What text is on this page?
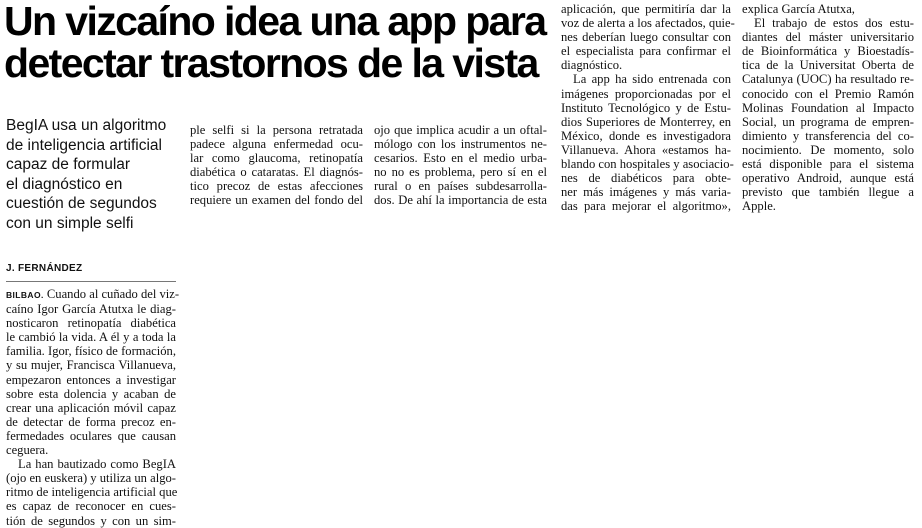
Un vizcaíno idea una app para
detectar trastornos de la vista
BegIA usa un algoritmo
de inteligencia artificial
capaz de formular
el diagnóstico en
cuestión de segundos
con un simple selfi
J. FERNÁNDEZ
BILBAO. Cuando al cuñado del viz-
caíno Igor García Atutxa le diag-
nosticaron retinopatía diabética
le cambió la vida. A él y a toda la
familia. Igor, físico de formación,
y su mujer, Francisca Villanueva,
empezaron entonces a investigar
sobre esta dolencia y acaban de
crear una aplicación móvil capaz
de detectar de forma precoz en-
fermedades oculares que causan
ceguera.
La han bautizado como BegIA
(ojo en euskera) y utiliza un algo-
ritmo de inteligencia artificial que
es capaz de reconocer en cues-
tión de segundos y con un sim-
ple selfi si la persona retratada
padece alguna enfermedad ocu-
lar como glaucoma, retinopatía
diabética o cataratas. El diagnós-
tico precoz de estas afecciones
requiere un examen del fondo del
ojo que implica acudir a un oftal-
mólogo con los instrumentos ne-
cesarios. Esto en el medio urba-
no no es problema, pero sí en el
rural o en países subdesarrolla-
dos. De ahí la importancia de esta
aplicación, que permitiría dar la
voz de alerta a los afectados, quie-
nes deberían luego consultar con
el especialista para confirmar el
diagnóstico.
La app ha sido entrenada con
imágenes proporcionadas por el
Instituto Tecnológico y de Estu-
dios Superiores de Monterrey, en
México, donde es investigadora
Villanueva. Ahora «estamos ha-
blando con hospitales y asociacio-
nes de diabéticos para obte-
ner más imágenes y más varia-
das para mejorar el algoritmo»,
explica García Atutxa,
El trabajo de estos dos estu-
diantes del máster universitario
de Bioinformática y Bioestadís-
tica de la Universitat Oberta de
Catalunya (UOC) ha resultado re-
conocido con el Premio Ramón
Molinas Foundation al Impacto
Social, un programa de empren-
dimiento y transferencia del co-
nocimiento. De momento, solo
está disponible para el sistema
operativo Android, aunque está
previsto que también llegue a
Apple.
